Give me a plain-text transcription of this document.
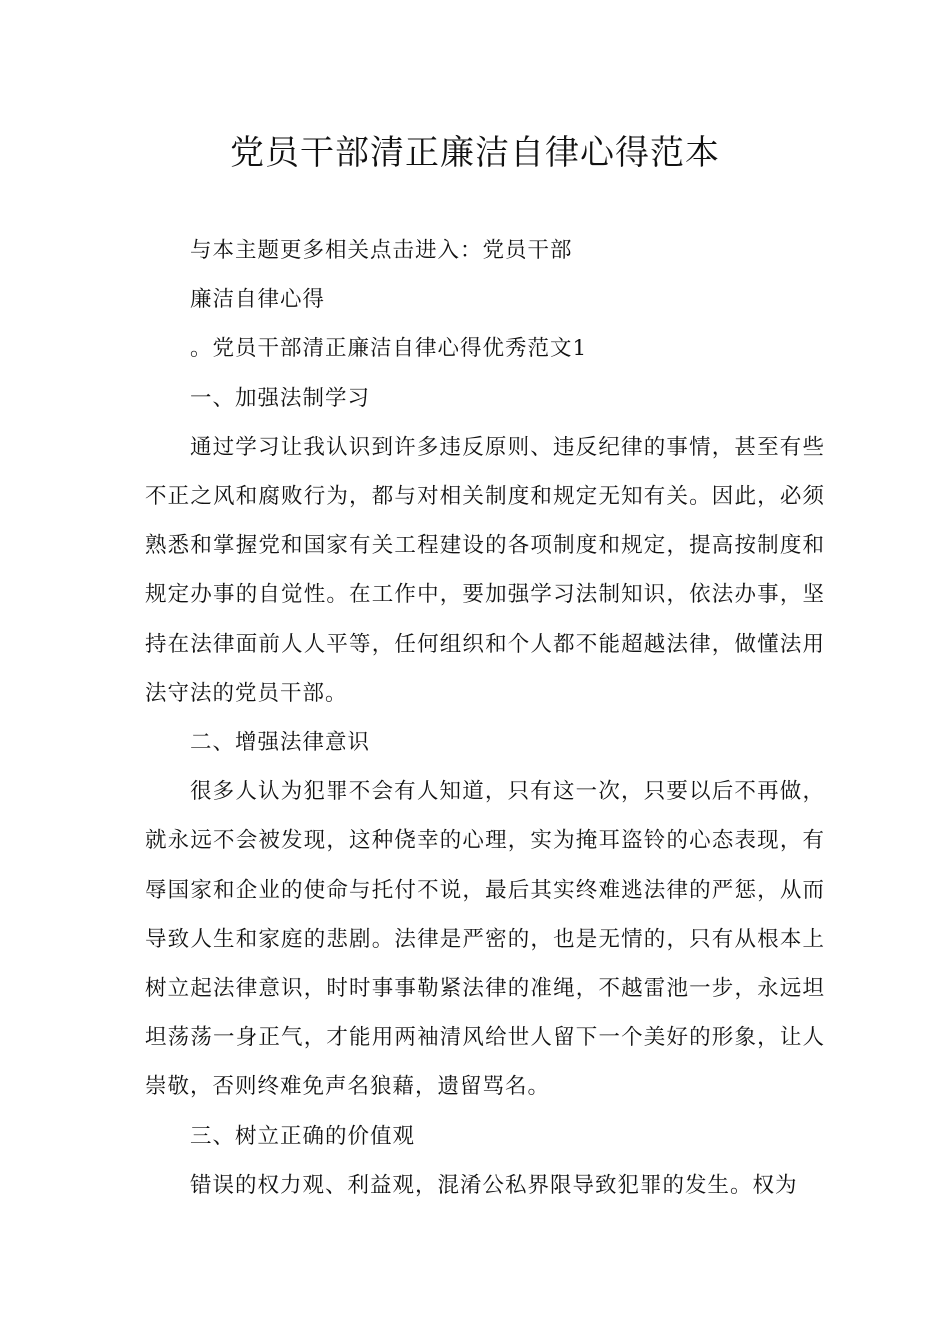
党员干部清正廉洁自律心得范本

与本主题更多相关点击进入：党员干部

廉洁自律心得

。党员干部清正廉洁自律心得优秀范文1

一、加强法制学习

通过学习让我认识到许多违反原则、违反纪律的事情，甚至有些不正之风和腐败行为，都与对相关制度和规定无知有关。因此，必须熟悉和掌握党和国家有关工程建设的各项制度和规定，提高按制度和规定办事的自觉性。在工作中，要加强学习法制知识，依法办事，坚持在法律面前人人平等，任何组织和个人都不能超越法律，做懂法用法守法的党员干部。

二、增强法律意识

很多人认为犯罪不会有人知道，只有这一次，只要以后不再做，就永远不会被发现，这种侥幸的心理，实为掩耳盗铃的心态表现，有辱国家和企业的使命与托付不说，最后其实终难逃法律的严惩，从而导致人生和家庭的悲剧。法律是严密的，也是无情的，只有从根本上树立起法律意识，时时事事勒紧法律的准绳，不越雷池一步，永远坦坦荡荡一身正气，才能用两袖清风给世人留下一个美好的形象，让人崇敬，否则终难免声名狼藉，遗留骂名。

三、树立正确的价值观

错误的权力观、利益观，混淆公私界限导致犯罪的发生。权为
